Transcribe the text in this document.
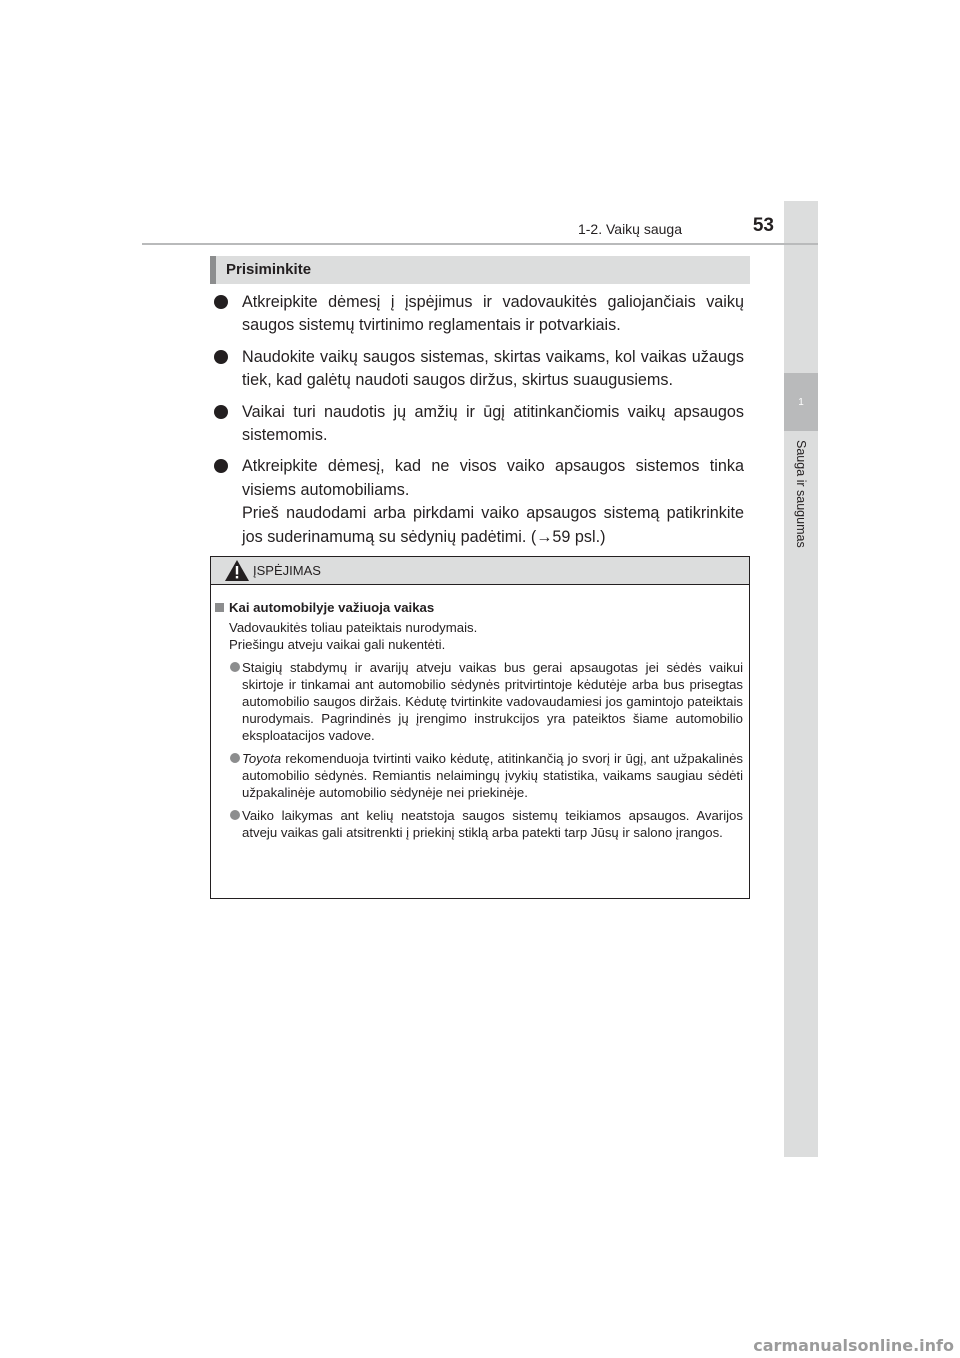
1
Sauga ir saugumas
1-2. Vaikų sauga	53
Prisiminkite
Atkreipkite dėmesį į įspėjimus ir vadovaukitės galiojančiais vaikų saugos sistemų tvirtinimo reglamentais ir potvarkiais.
Naudokite vaikų saugos sistemas, skirtas vaikams, kol vaikas užaugs tiek, kad galėtų naudoti saugos diržus, skirtus suaugusiems.
Vaikai turi naudotis jų amžių ir ūgį atitinkančiomis vaikų apsaugos sistemomis.
Atkreipkite dėmesį, kad ne visos vaiko apsaugos sistemos tinka visiems automobiliams.
Prieš naudodami arba pirkdami vaiko apsaugos sistemą patikrinkite jos suderinamumą su sėdynių padėtimi. (→59 psl.)
ĮSPĖJIMAS
Kai automobilyje važiuoja vaikas
Vadovaukitės toliau pateiktais nurodymais.
Priešingu atveju vaikai gali nukentėti.
Staigių stabdymų ir avarijų atveju vaikas bus gerai apsaugotas jei sėdės vaikui skirtoje ir tinkamai ant automobilio sėdynės pritvirtintoje kėdutėje arba bus prisegtas automobilio saugos diržais. Kėdutę tvirtinkite vadovaudamiesi jos gamintojo pateiktais nurodymais. Pagrindinės jų įrengimo instrukcijos yra pateiktos šiame automobilio eksploatacijos vadove.
Toyota rekomenduoja tvirtinti vaiko kėdutę, atitinkančią jo svorį ir ūgį, ant užpakalinės automobilio sėdynės. Remiantis nelaimingų įvykių statistika, vaikams saugiau sėdėti užpakalinėje automobilio sėdynėje nei priekinėje.
Vaiko laikymas ant kelių neatstoja saugos sistemų teikiamos apsaugos. Avarijos atveju vaikas gali atsitrenkti į priekinį stiklą arba patekti tarp Jūsų ir salono įrangos.
carmanualsonline.info
